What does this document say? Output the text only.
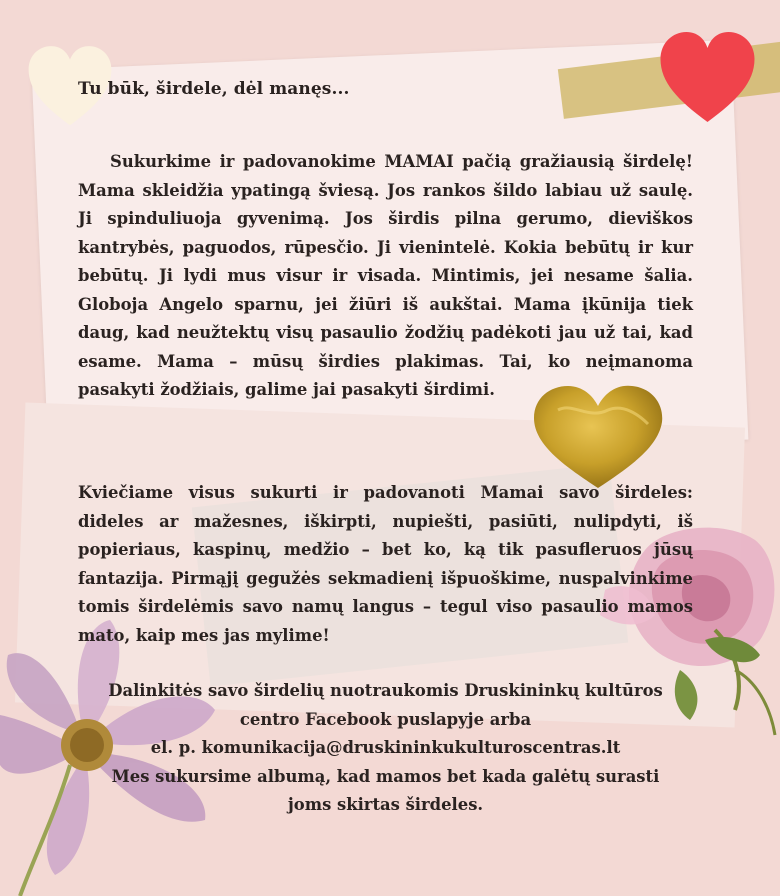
Tu būk, širdele, dėl manęs...
Sukurkime ir padovanokime MAMAI pačią gražiausią širdelę! Mama skleidžia ypatingą šviesą. Jos rankos šildo labiau už saulę. Ji spinduliuoja gyvenimą. Jos širdis pilna gerumo, dieviškos kantrybės, paguodos, rūpesčio. Ji vienintelė. Kokia bebūtų ir kur bebūtų. Ji lydi mus visur ir visada. Mintimis, jei nesame šalia. Globoja Angelo sparnu, jei žiūri iš aukštai. Mama įkūnija tiek daug, kad neužtektų visų pasaulio žodžių padėkoti jau už tai, kad esame. Mama – mūsų širdies plakimas. Tai, ko neįmanoma pasakyti žodžiais, galime jai pasakyti širdimi.
Kviečiame visus sukurti ir padovanoti Mamai savo širdeles: dideles ar mažesnes, iškirpti, nupiešti, pasiūti, nulipdyti, iš popieriaus, kaspinų, medžio – bet ko, ką tik pasufleruos jūsų fantazija. Pirmąjį gegužės sekmadienį išpuoškime, nuspalvinkime tomis širdelėmis savo namų langus – tegul viso pasaulio mamos mato, kaip mes jas mylime!
Dalinkitės savo širdelių nuotraukomis Druskininkų kultūros
centro Facebook puslapyje arba
el. p. komunikacija@druskininkukulturoscentras.lt
Mes sukursime albumą, kad mamos bet kada galėtų surasti
joms skirtas širdeles.
